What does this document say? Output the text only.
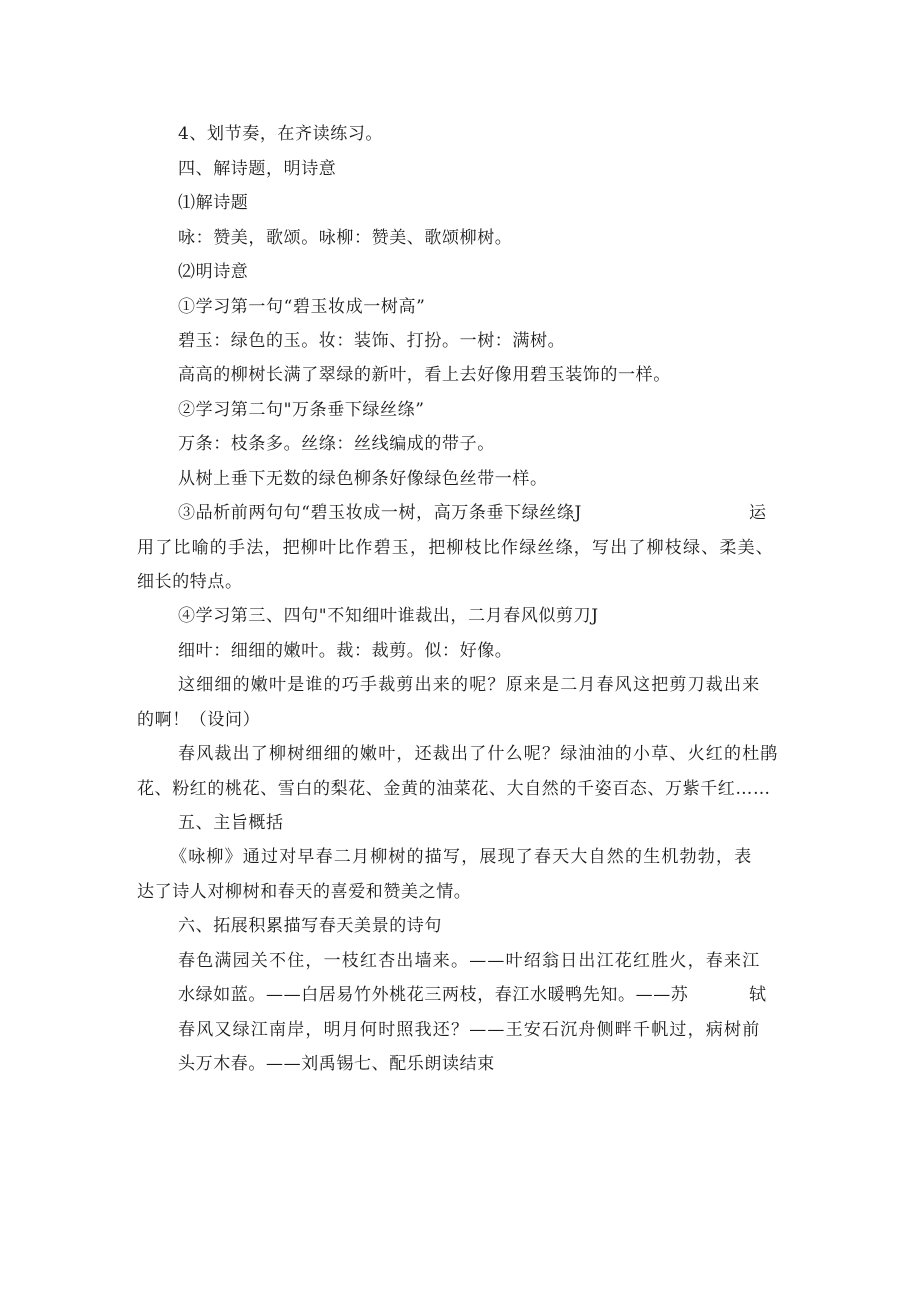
4、划节奏，在齐读练习。
四、解诗题，明诗意
⑴解诗题
咏：赞美，歌颂。咏柳：赞美、歌颂柳树。
⑵明诗意
①学习第一句“碧玉妆成一树高”
碧玉：绿色的玉。妆：装饰、打扮。一树：满树。
高高的柳树长满了翠绿的新叶，看上去好像用碧玉装饰的一样。
②学习第二句"万条垂下绿丝绦”
万条：枝条多。丝绦：丝线编成的带子。
从树上垂下无数的绿色柳条好像绿色丝带一样。
③品析前两句句“碧玉妆成一树，高万条垂下绿丝绦J	运
用了比喻的手法，把柳叶比作碧玉，把柳枝比作绿丝绦，写出了柳枝绿、柔美、
细长的特点。
④学习第三、四句"不知细叶谁裁出，二月春风似剪刀J
细叶：细细的嫩叶。裁：裁剪。似：好像。
这细细的嫩叶是谁的巧手裁剪出来的呢？原来是二月春风这把剪刀裁出来
的啊！（设问）
春风裁出了柳树细细的嫩叶，还裁出了什么呢？绿油油的小草、火红的杜鹃
花、粉红的桃花、雪白的梨花、金黄的油菜花、大自然的千姿百态、万紫千红……
五、主旨概括
《咏柳》通过对早春二月柳树的描写，展现了春天大自然的生机勃勃，表
达了诗人对柳树和春天的喜爱和赞美之情。
六、拓展积累描写春天美景的诗句
春色满园关不住，一枝红杏出墙来。——叶绍翁日出江花红胜火，春来江
水绿如蓝。——白居易竹外桃花三两枝，春江水暖鸭先知。——苏	轼
春风又绿江南岸，明月何时照我还？——王安石沉舟侧畔千帆过，病树前
头万木春。——刘禹锡七、配乐朗读结束
